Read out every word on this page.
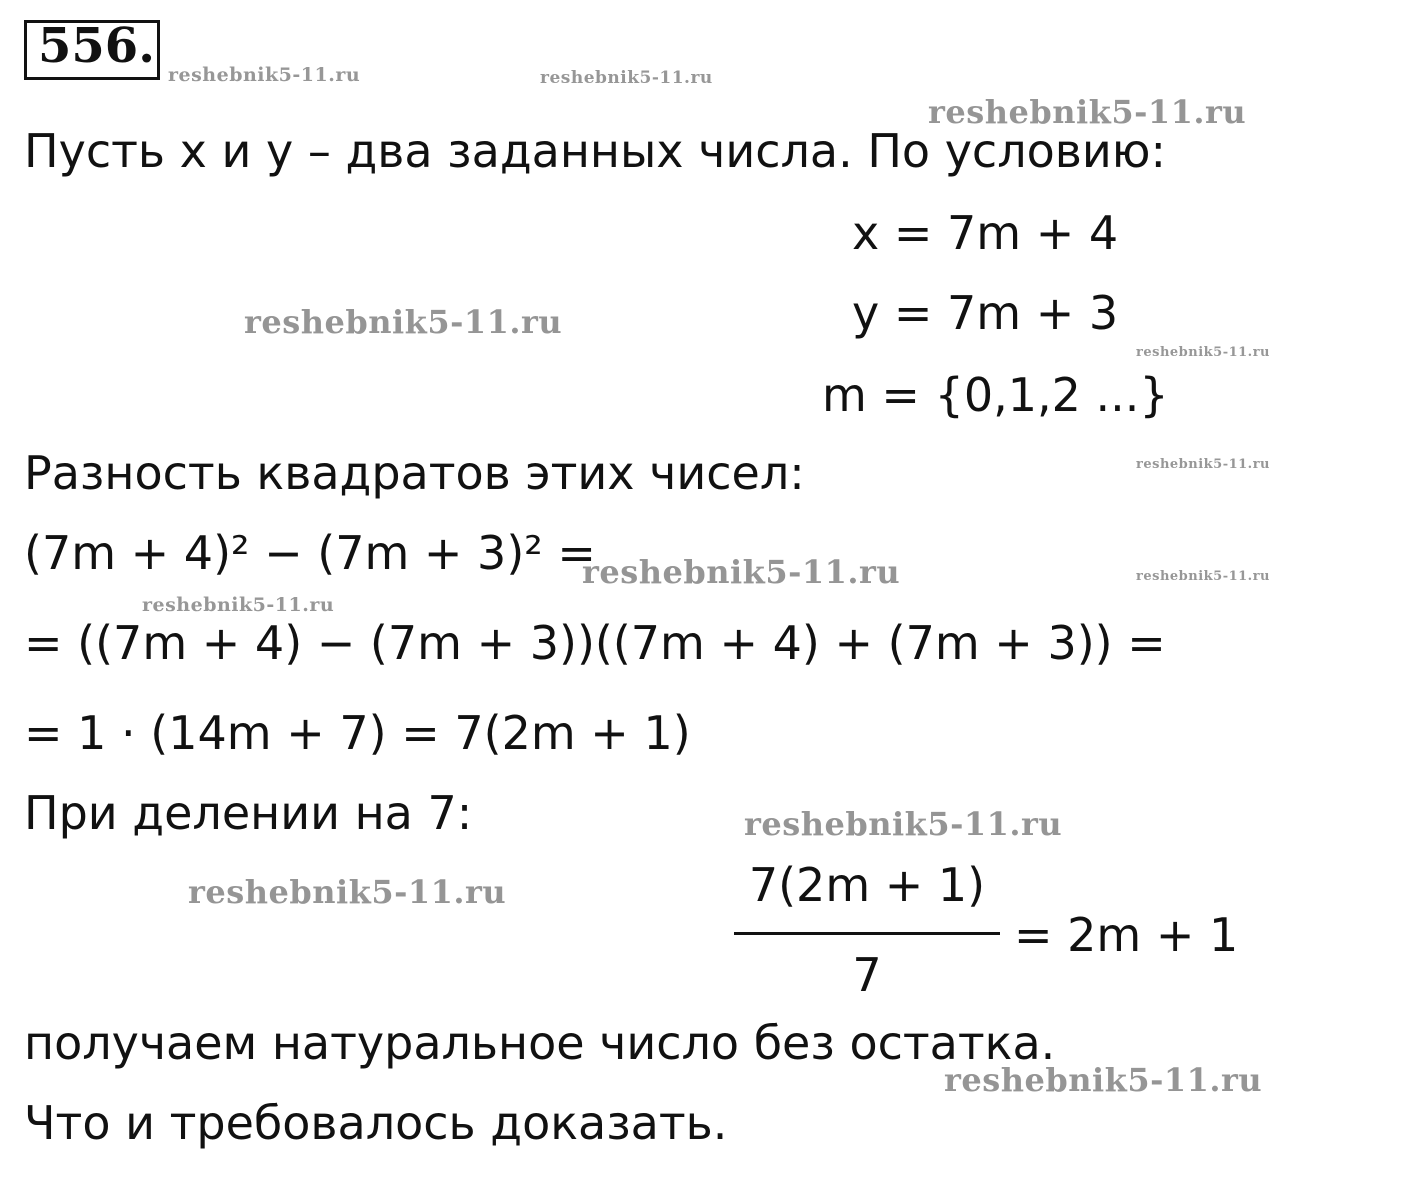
556.
reshebnik5-11.ru	reshebnik5-11.ru
reshebnik5-11.ru
reshebnik5-11.ru
reshebnik5-11.ru
reshebnik5-11.ru
reshebnik5-11.ru	reshebnik5-11.ru
reshebnik5-11.ru
reshebnik5-11.ru
reshebnik5-11.ru
reshebnik5-11.ru
Пусть x и y – два заданных числа. По условию:
x = 7m + 4
y = 7m + 3
m = {0,1,2 ...}
Разность квадратов этих чисел:
(7m + 4)² − (7m + 3)² =
= ((7m + 4) − (7m + 3))((7m + 4) + (7m + 3)) =
= 1 · (14m + 7) = 7(2m + 1)
При делении на 7:
7(2m + 1)
7
= 2m + 1
получаем натуральное число без остатка.
Что и требовалось доказать.
